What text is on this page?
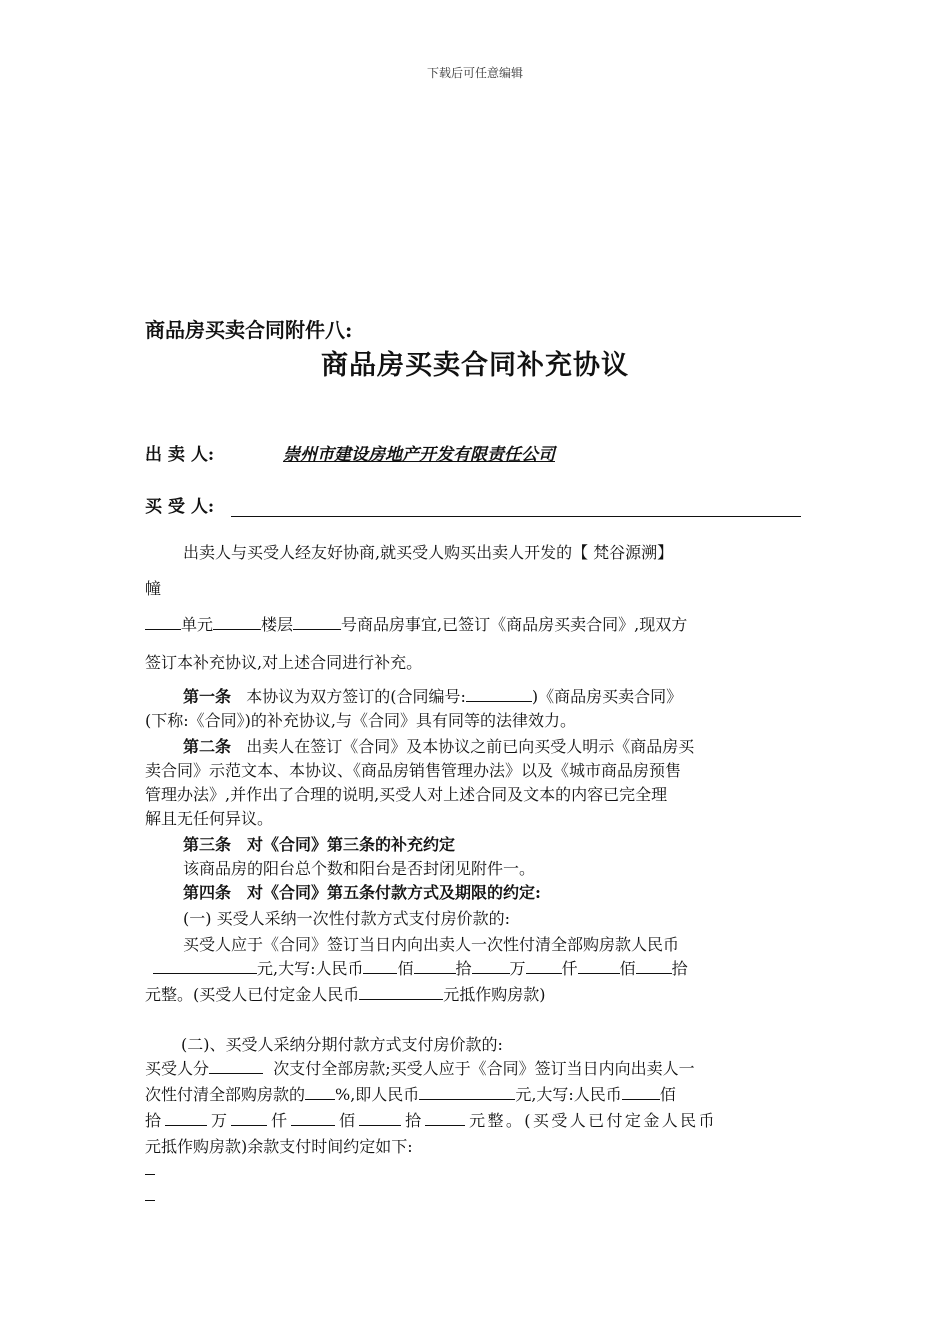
下载后可任意编辑
商品房买卖合同附件八:
商品房买卖合同补充协议
出 卖 人:	崇州市建设房地产开发有限责任公司
买 受 人:
出卖人与买受人经友好协商,就买受人购买出卖人开发的【 梵谷源溯】
幢
单元	楼层	号商品房事宜,已签订《商品房买卖合同》,现双方
签订本补充协议,对上述合同进行补充。
第一条 本协议为双方签订的(合同编号:	)《商品房买卖合同》
(下称:《合同》)的补充协议,与《合同》具有同等的法律效力。
第二条 出卖人在签订《合同》及本协议之前已向买受人明示《商品房买
卖合同》示范文本、本协议、《商品房销售管理办法》以及《城市商品房预售
管理办法》,并作出了合理的说明,买受人对上述合同及文本的内容已完全理
解且无任何异议。
第三条　对《合同》第三条的补充约定
该商品房的阳台总个数和阳台是否封闭见附件一。
第四条　对《合同》第五条付款方式及期限的约定:
(一) 买受人采纳一次性付款方式支付房价款的:
买受人应于《合同》签订当日内向出卖人一次性付清全部购房款人民币
元,大写:人民币 佰	拾 万 仟	佰 拾
元整。(买受人已付定金人民币	元抵作购房款)
(二)、买受人采纳分期付款方式支付房价款的:
买受人分	次支付全部房款;买受人应于《合同》签订当日内向出卖人一
次性付清全部购房款的 %,即人民币	元,大写:人民币 佰
拾	万	仟	佰	拾	元整。(买受人已付定金人民币
元抵作购房款)余款支付时间约定如下:
